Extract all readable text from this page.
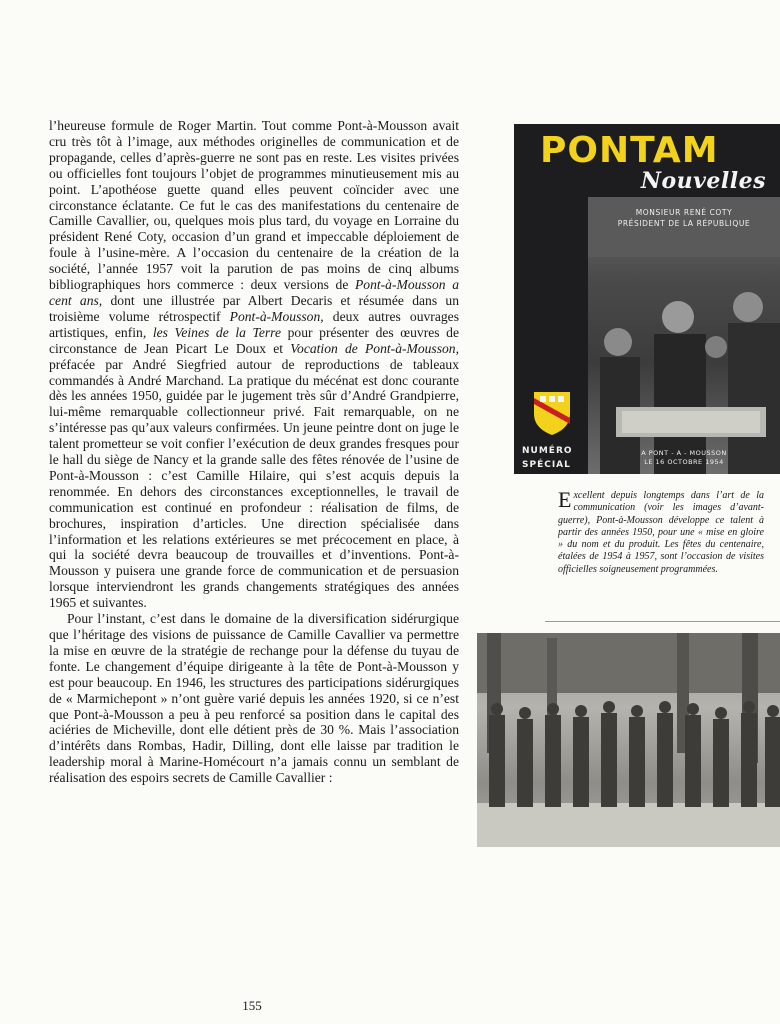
l’heureuse formule de Roger Martin. Tout comme Pont-à-Mousson avait cru très tôt à l’image, aux méthodes originelles de communication et de propagande, celles d’après-guerre ne sont pas en reste. Les visites privées ou officielles font toujours l’objet de programmes minutieusement mis au point. L’apothéose guette quand elles peuvent coïncider avec une circonstance éclatante. Ce fut le cas des manifestations du centenaire de Camille Cavallier, ou, quelques mois plus tard, du voyage en Lorraine du président René Coty, occasion d’un grand et impeccable déploiement de foule à l’usine-mère. A l’occasion du centenaire de la création de la société, l’année 1957 voit la parution de pas moins de cinq albums bibliographiques hors commerce : deux versions de Pont-à-Mousson a cent ans, dont une illustrée par Albert Decaris et résumée dans un troisième volume rétrospectif Pont-à-Mousson, deux autres ouvrages artistiques, enfin, les Veines de la Terre pour présenter des œuvres de circonstance de Jean Picart Le Doux et Vocation de Pont-à-Mousson, préfacée par André Siegfried autour de reproductions de tableaux commandés à André Marchand. La pratique du mécénat est donc courante dès les années 1950, guidée par le jugement très sûr d’André Grandpierre, lui-même remarquable collectionneur privé. Fait remarquable, on ne s’intéresse pas qu’aux valeurs confirmées. Un jeune peintre dont on juge le talent prometteur se voit confier l’exécution de deux grandes fresques pour le hall du siège de Nancy et la grande salle des fêtes rénovée de l’usine de Pont-à-Mousson : c’est Camille Hilaire, qui s’est acquis depuis la renommée. En dehors des circonstances exceptionnelles, le travail de communication est continué en profondeur : réalisation de films, de brochures, inspiration d’articles. Une direction spécialisée dans l’information et les relations extérieures se met précocement en place, à qui la société devra beaucoup de trouvailles et d’inventions. Pont-à-Mousson y puisera une grande force de communication et de persuasion lorsque interviendront les grands changements stratégiques des années 1965 et suivantes.

Pour l’instant, c’est dans le domaine de la diversification sidérurgique que l’héritage des visions de puissance de Camille Cavallier va permettre la mise en œuvre de la stratégie de rechange pour la défense du tuyau de fonte. Le changement d’équipe dirigeante à la tête de Pont-à-Mousson y est pour beaucoup. En 1946, les structures des participations sidérurgiques de « Marmichepont » n’ont guère varié depuis les années 1920, si ce n’est que Pont-à-Mousson a peu à peu renforcé sa position dans le capital des aciéries de Micheville, dont elle détient près de 30 %. Mais l’association d’intérêts dans Rombas, Hadir, Dilling, dont elle laisse par tradition le leadership moral à Marine-Homécourt n’a jamais connu un semblant de réalisation des espoirs secrets de Camille Cavallier :

PONTAM
Nouvelles
MONSIEUR RENÉ COTY
PRÉSIDENT DE LA RÉPUBLIQUE
A PONT - A - MOUSSON
LE 16 OCTOBRE 1954
NUMÉRO
SPÉCIAL
Excellent depuis longtemps dans l’art de la communication (voir les images d’avant-guerre), Pont-à-Mousson développe ce talent à partir des années 1950, pour une « mise en gloire » du nom et du produit. Les fêtes du centenaire, étalées de 1954 à 1957, sont l’occasion de visites officielles soigneusement programmées.
155
